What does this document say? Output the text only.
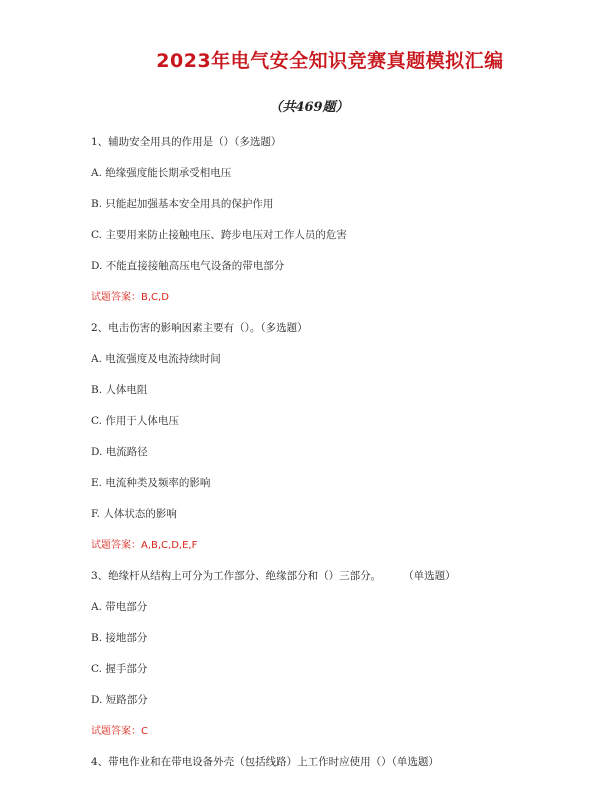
2023年电气安全知识竞赛真题模拟汇编
（共469题）
1、辅助安全用具的作用是（）（多选题）
A. 绝缘强度能长期承受相电压
B. 只能起加强基本安全用具的保护作用
C. 主要用来防止接触电压、跨步电压对工作人员的危害
D. 不能直接接触高压电气设备的带电部分
试题答案：B,C,D
2、电击伤害的影响因素主要有（）。（多选题）
A. 电流强度及电流持续时间
B. 人体电阻
C. 作用于人体电压
D. 电流路径
E. 电流种类及频率的影响
F. 人体状态的影响
试题答案：A,B,C,D,E,F
3、绝缘杆从结构上可分为工作部分、绝缘部分和（）三部分。 （单选题）
A. 带电部分
B. 接地部分
C. 握手部分
D. 短路部分
试题答案：C
4、带电作业和在带电设备外壳（包括线路）上工作时应使用（）（单选题）
